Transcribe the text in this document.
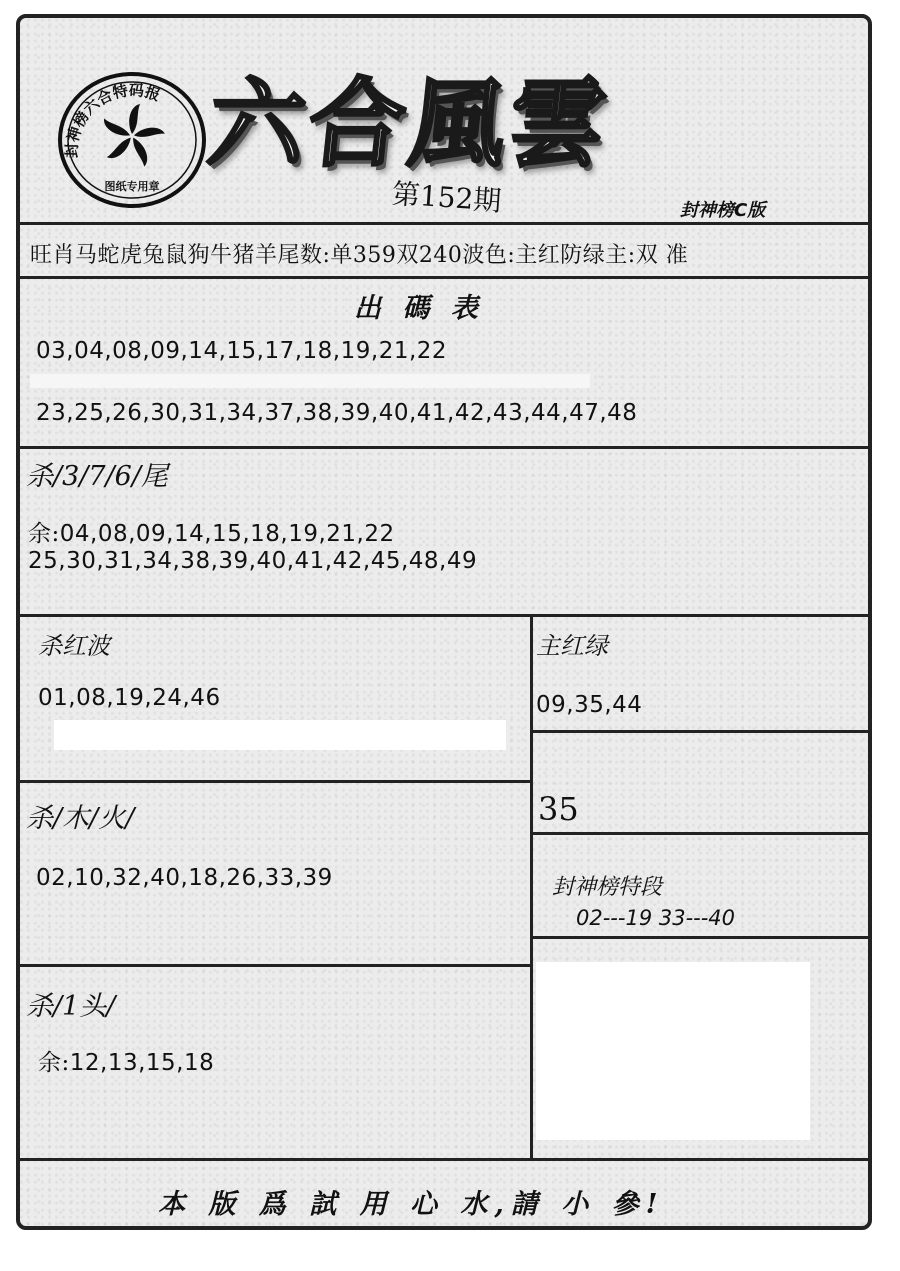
封神榜六合特码报
图纸专用章
六合風雲
第152期	封神榜C版
旺肖马蛇虎兔鼠狗牛猪羊尾数:单359双240波色:主红防绿主:双 准
出 碼 表
03,04,08,09,14,15,17,18,19,21,22
23,25,26,30,31,34,37,38,39,40,41,42,43,44,47,48
杀/3/7/6/尾
余:04,08,09,14,15,18,19,21,22
25,30,31,34,38,39,40,41,42,45,48,49
杀红波
01,08,19,24,46
主红绿
09,35,44
杀/木/火/
02,10,32,40,18,26,33,39
35
封神榜特段
02---19 33---40
杀/1头/
余:12,13,15,18
本 版 爲 試 用 心 水,請 小 參!
